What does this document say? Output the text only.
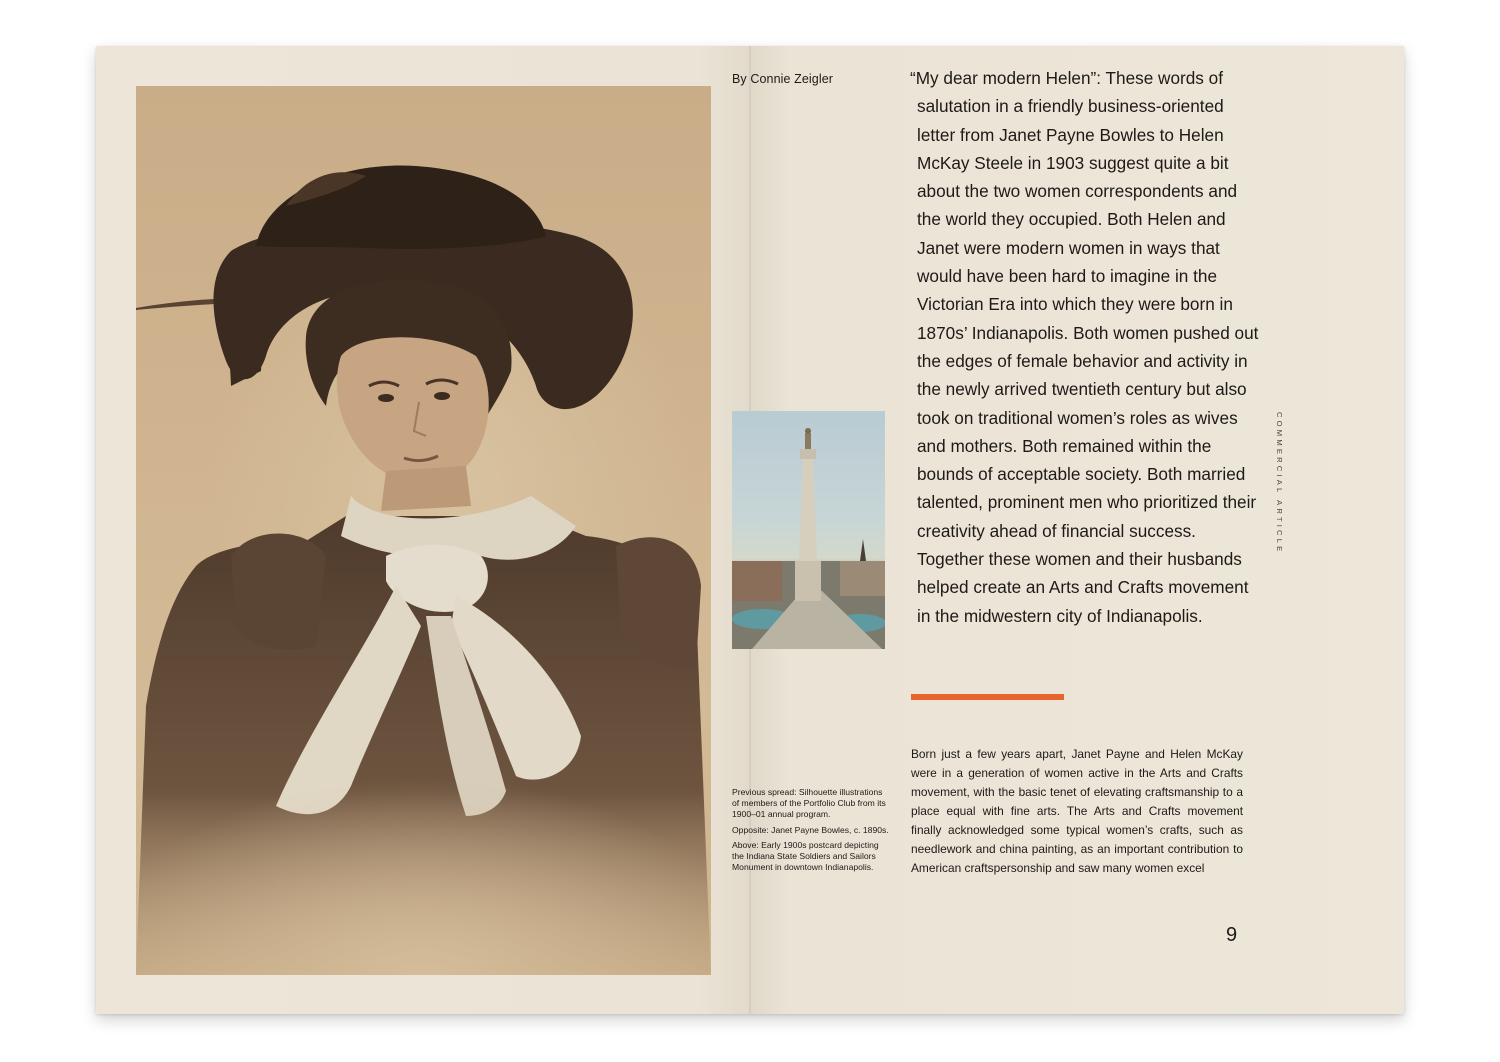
By Connie Zeigler	“My dear modern Helen”: These words of salutation in a friendly business-oriented letter from Janet Payne Bowles to Helen McKay Steele in 1903 suggest quite a bit about the two women correspondents and the world they occupied. Both Helen and Janet were modern women in ways that would have been hard to imagine in the Victorian Era into which they were born in 1870s’ Indianapolis. Both women pushed out the edges of female behavior and activity in the newly arrived twentieth century but also took on traditional women’s roles as wives and mothers. Both remained within the bounds of acceptable society. Both married talented, prominent men who prioritized their creativity ahead of financial success. Together these women and their husbands helped create an Arts and Crafts movement in the midwestern city of Indianapolis.

Previous spread: Silhouette illustrations of members of the Portfolio Club from its 1900–01 annual program.

Opposite: Janet Payne Bowles, c. 1890s.

Above: Early 1900s postcard depicting the Indiana State Soldiers and Sailors Monument in downtown Indianapolis.

Born just a few years apart, Janet Payne and Helen McKay were in a generation of women active in the Arts and Crafts movement, with the basic tenet of elevating craftsmanship to a place equal with fine arts. The Arts and Crafts movement finally acknowledged some typical women’s crafts, such as needlework and china painting, as an important contribution to American craftspersonship and saw many women excel
9
COMMERCIAL ARTICLE
